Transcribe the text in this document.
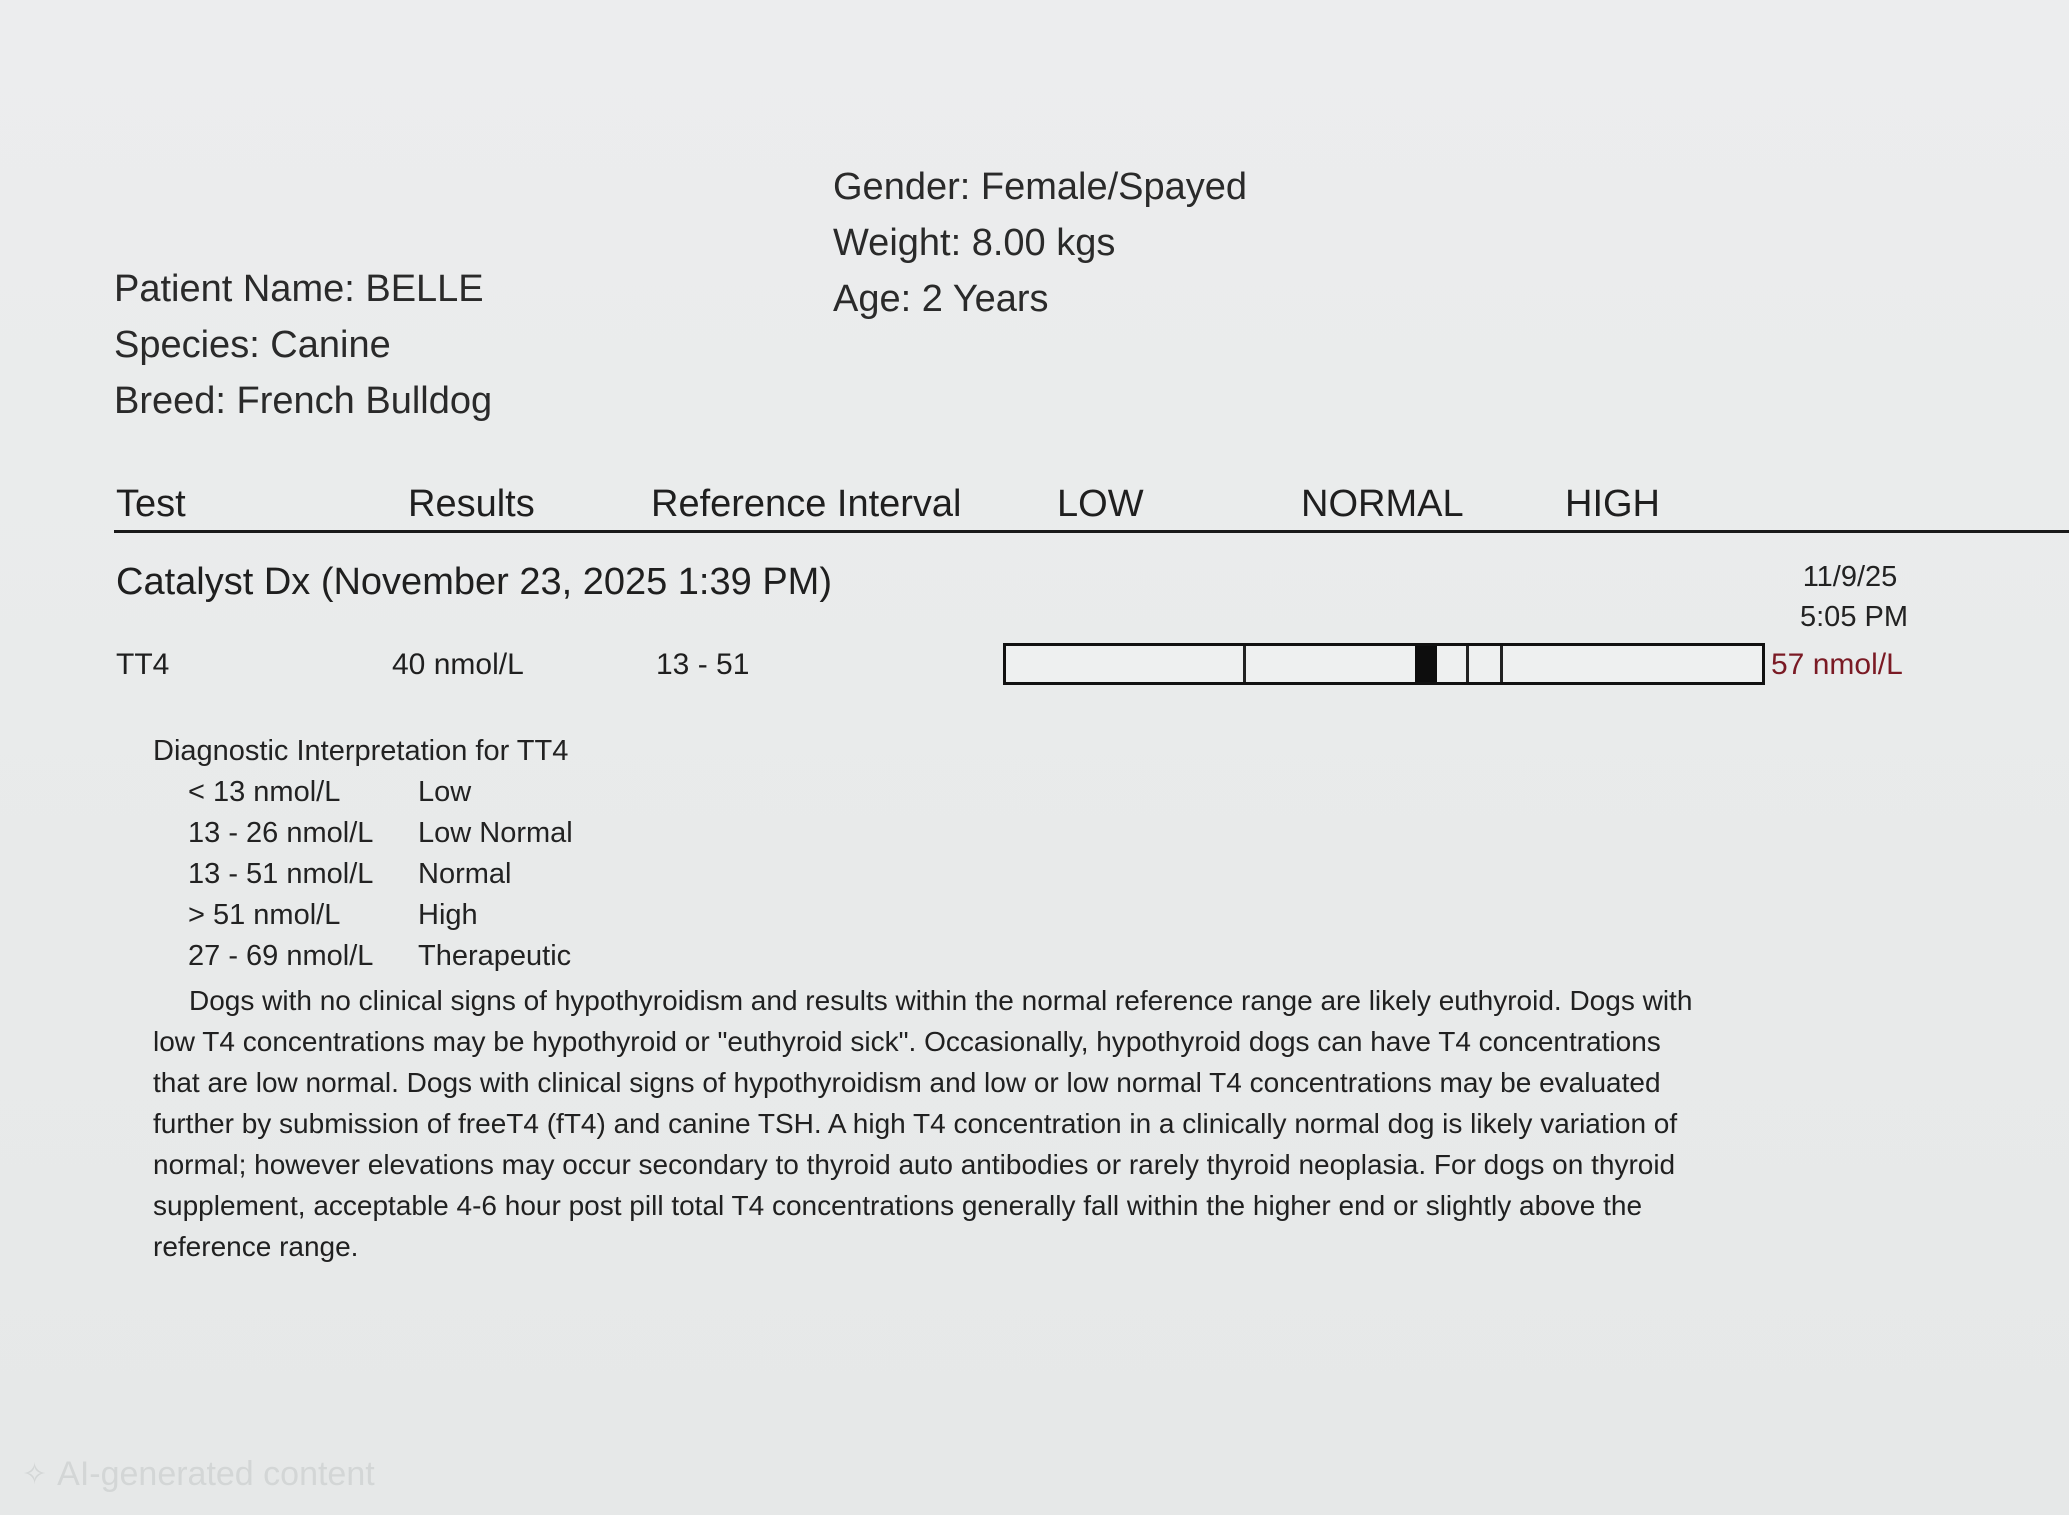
Gender: Female/Spayed
Weight: 8.00 kgs
Age: 2 Years
Patient Name: BELLE
Species: Canine
Breed: French Bulldog
Test	Results	Reference Interval	LOW	NORMAL	HIGH
Catalyst Dx (November 23, 2025 1:39 PM)	11/9/25
5:05 PM
TT4	40 nmol/L	13 - 51	57 nmol/L
Diagnostic Interpretation for TT4
< 13 nmol/L	Low
13 - 26 nmol/L Low Normal
13 - 51 nmol/L Normal
> 51 nmol/L	High
27 - 69 nmol/L Therapeutic
Dogs with no clinical signs of hypothyroidism and results within the normal reference range are likely euthyroid. Dogs with low T4 concentrations may be hypothyroid or "euthyroid sick". Occasionally, hypothyroid dogs can have T4 concentrations that are low normal. Dogs with clinical signs of hypothyroidism and low or low normal T4 concentrations may be evaluated further by submission of freeT4 (fT4) and canine TSH. A high T4 concentration in a clinically normal dog is likely variation of normal; however elevations may occur secondary to thyroid auto antibodies or rarely thyroid neoplasia. For dogs on thyroid supplement, acceptable 4-6 hour post pill total T4 concentrations generally fall within the higher end or slightly above the reference range.
✧ AI-generated content
